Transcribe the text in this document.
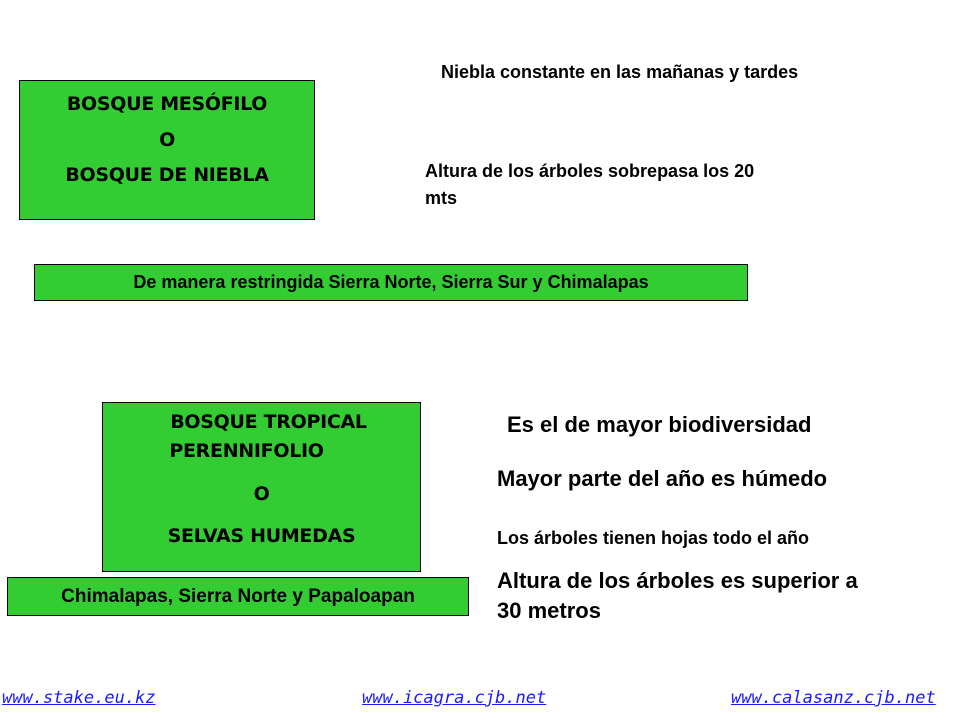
BOSQUE MESÓFILO
O
BOSQUE DE NIEBLA
Niebla constante en las mañanas y tardes
Altura de los árboles sobrepasa los 20
mts
De manera restringida Sierra Norte, Sierra Sur y Chimalapas
BOSQUE TROPICAL
PERENNIFOLIO
O
SELVAS HUMEDAS
Es el de mayor biodiversidad
Mayor parte del año es húmedo
Los árboles tienen hojas todo el año
Altura de los árboles es superior a
30 metros
Chimalapas, Sierra Norte y Papaloapan
www.stake.eu.kz	www.icagra.cjb.net	www.calasanz.cjb.net
